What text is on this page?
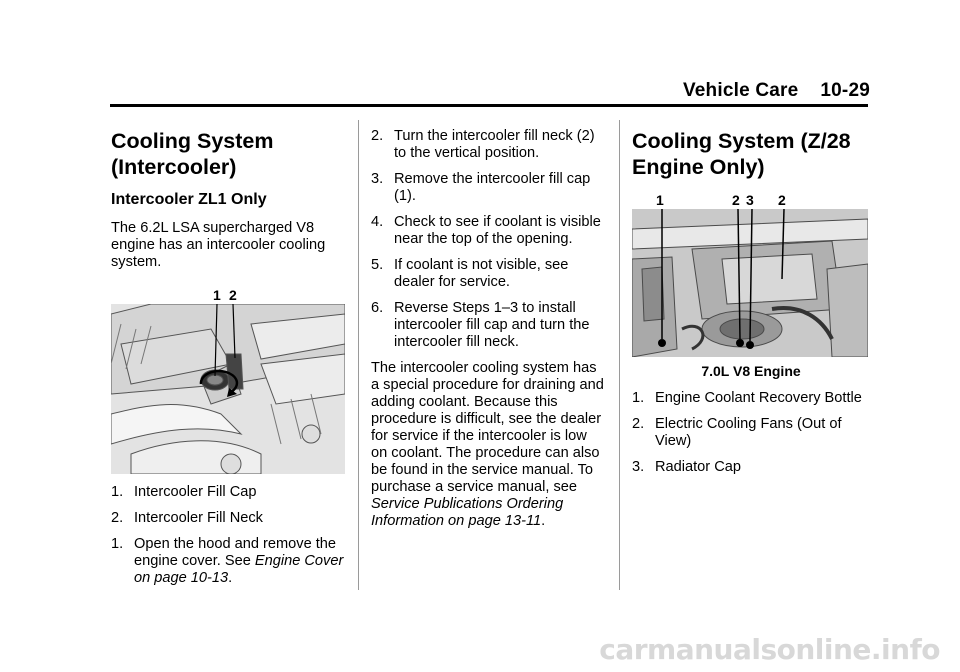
Vehicle Care 10-29
Cooling System (Intercooler)
Intercooler ZL1 Only
The 6.2L LSA supercharged V8 engine has an intercooler cooling system.
1 2
1. Intercooler Fill Cap
2. Intercooler Fill Neck
1. Open the hood and remove the engine cover. See Engine Cover on page 10-13.
2. Turn the intercooler fill neck (2) to the vertical position.
3. Remove the intercooler fill cap (1).
4. Check to see if coolant is visible near the top of the opening.
5. If coolant is not visible, see dealer for service.
6. Reverse Steps 1–3 to install intercooler fill cap and turn the intercooler fill neck.
The intercooler cooling system has a special procedure for draining and adding coolant. Because this procedure is difficult, see the dealer for service if the intercooler is low on coolant. The procedure can also be found in the service manual. To purchase a service manual, see Service Publications Ordering Information on page 13-11.
Cooling System (Z/28 Engine Only)
1	2 3 2
7.0L V8 Engine
1. Engine Coolant Recovery Bottle
2. Electric Cooling Fans (Out of View)
3. Radiator Cap
carmanualsonline.info
